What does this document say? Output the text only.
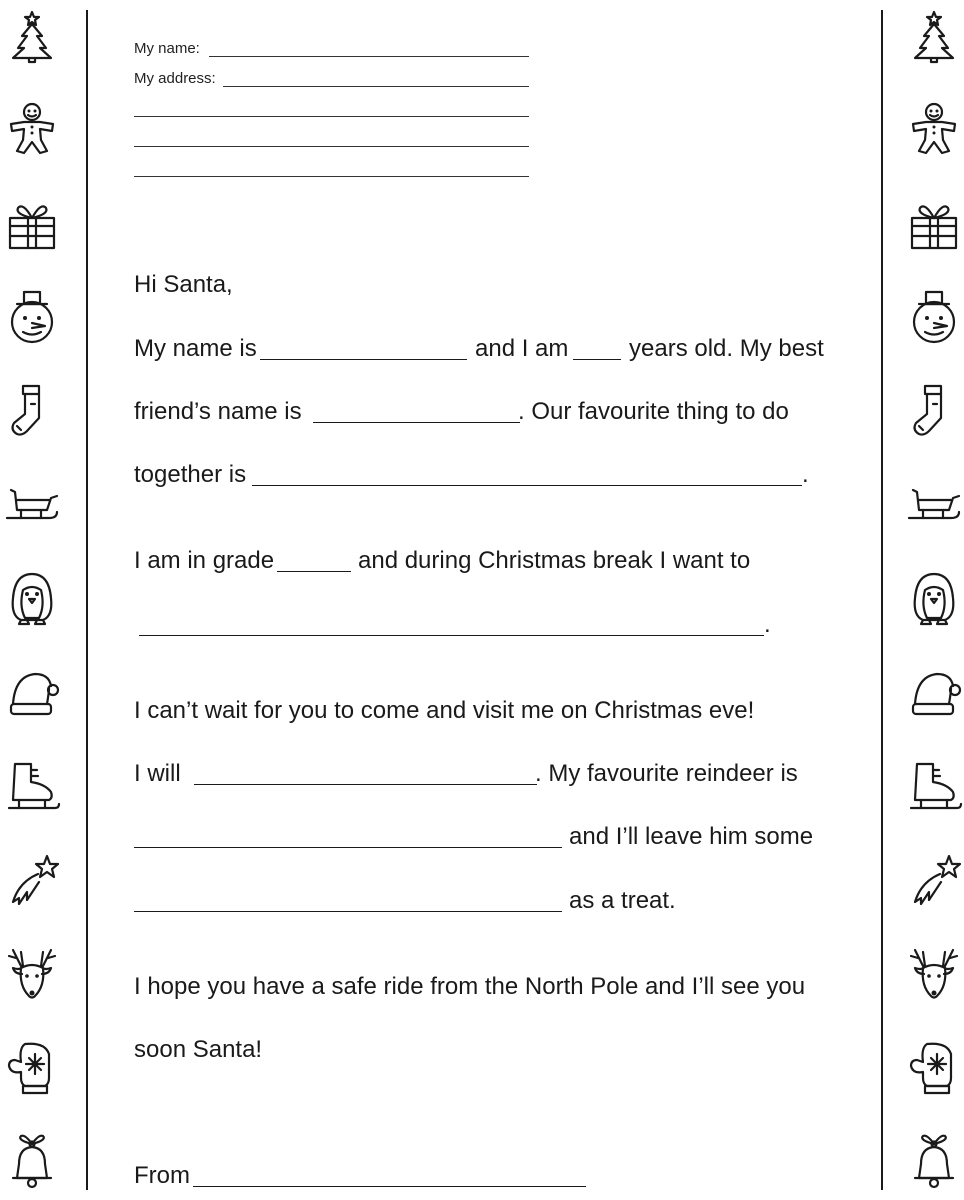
My name:
My address:
Hi Santa,
My name is	and I am	years old. My best
friend’s name is	. Our favourite thing to do
together is	.
I am in grade	and during Christmas break I want to
.
I can’t wait for you to come and visit me on Christmas eve!
I will	. My favourite reindeer is
and I’ll leave him some
as a treat.
I hope you have a safe ride from the North Pole and I’ll see you
soon Santa!
From
